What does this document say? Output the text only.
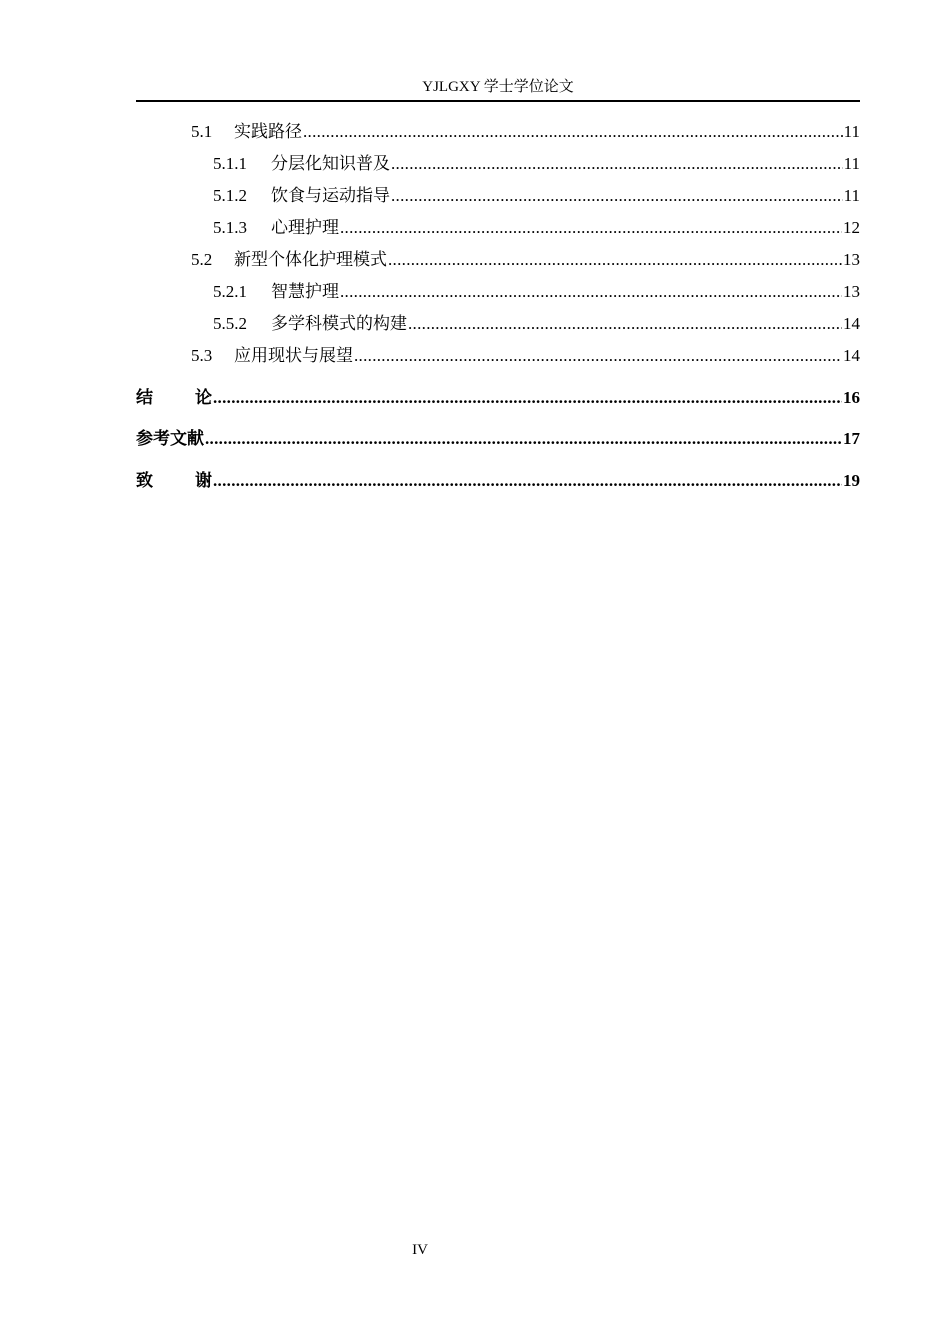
YJLGXY 学士学位论文
5.1	实践路径 .....	11
5.1.1	分层化知识普及 .....	11
5.1.2	饮食与运动指导 .....	11
5.1.3	心理护理 .....	12
5.2	新型个体化护理模式 .....	13
5.2.1	智慧护理 .....	13
5.5.2	多学科模式的构建 .....	14
5.3	应用现状与展望 .....	14
结 论 .....	16
参考文献 .....	17
致 谢 .....	19
IV
